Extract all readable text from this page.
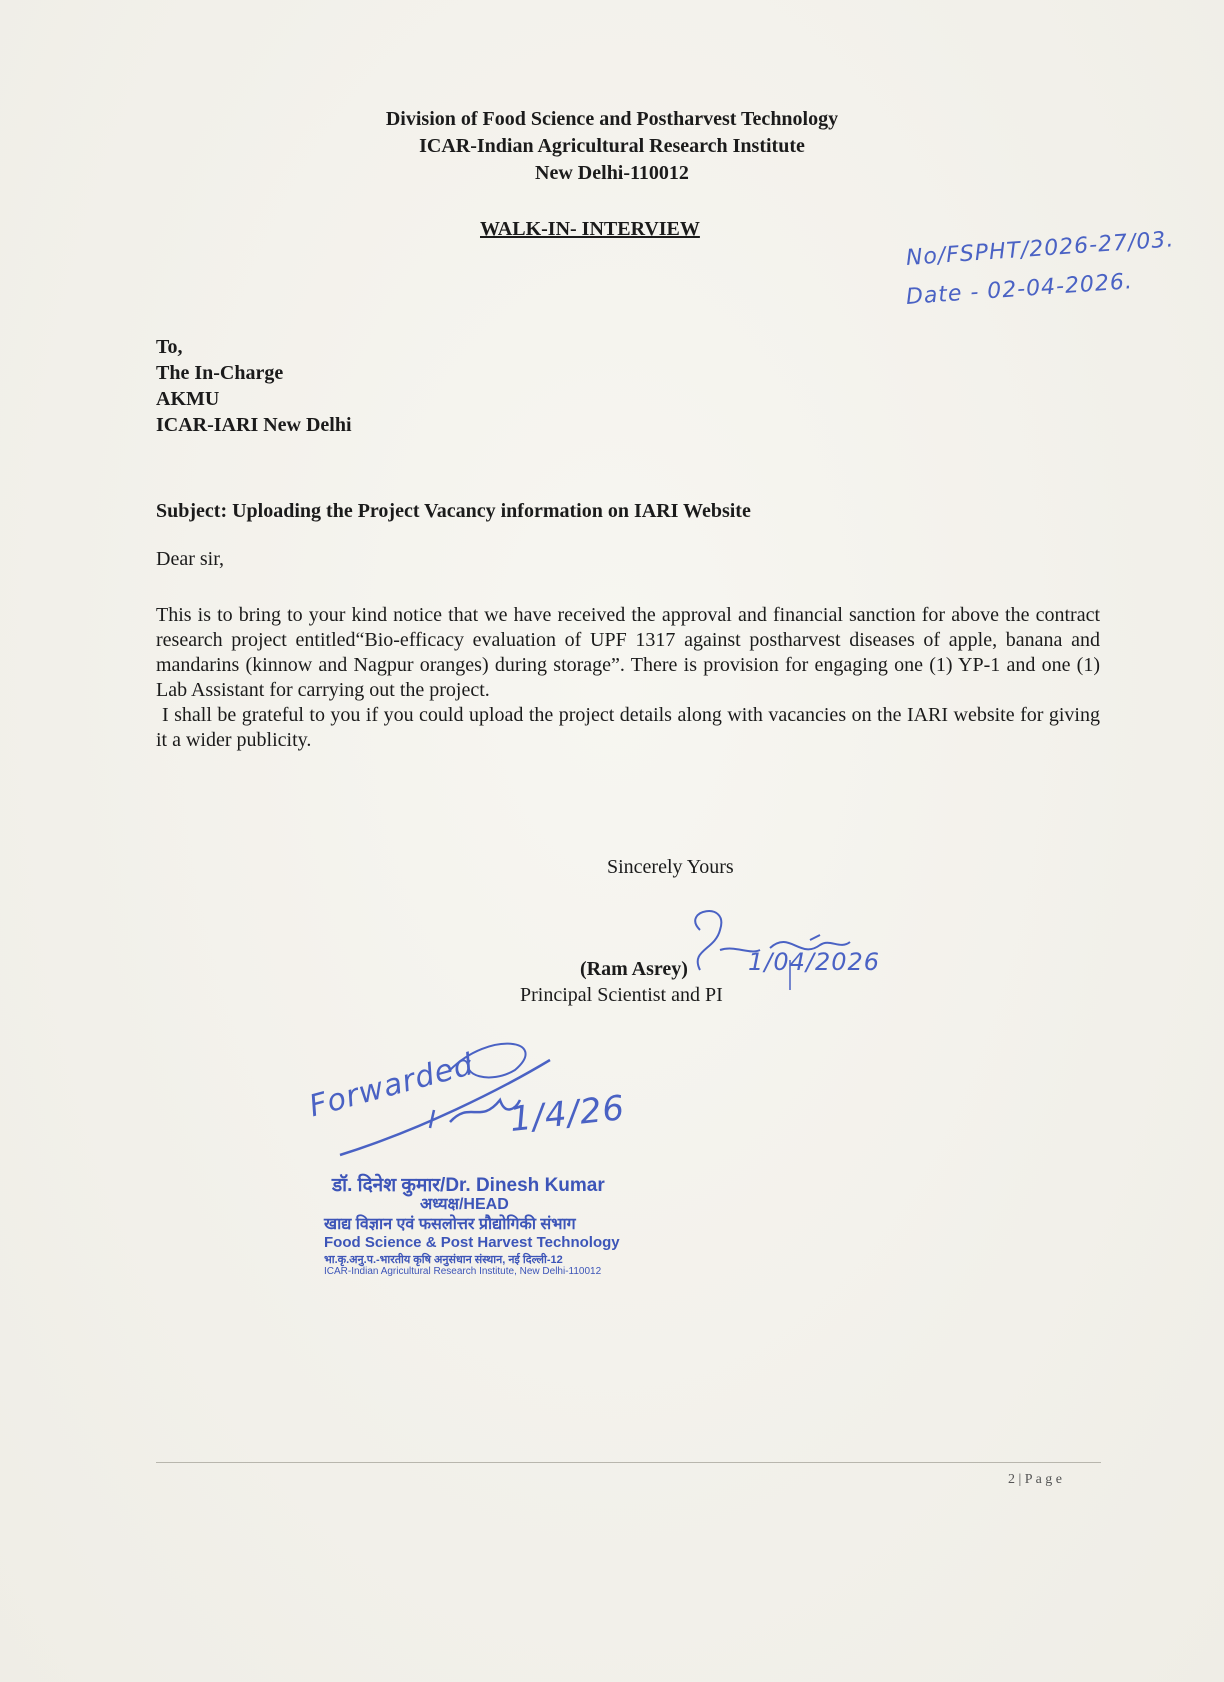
Division of Food Science and Postharvest Technology
ICAR-Indian Agricultural Research Institute
New Delhi-110012
WALK-IN- INTERVIEW	No/FSPHT/2026-27/03.
Date - 02-04-2026.
To,
The In-Charge
AKMU
ICAR-IARI New Delhi
Subject: Uploading the Project Vacancy information on IARI Website
Dear sir,

This is to bring to your kind notice that we have received the approval and financial sanction for above the contract research project entitled“Bio-efficacy evaluation of UPF 1317 against postharvest diseases of apple, banana and mandarins (kinnow and Nagpur oranges) during storage”. There is provision for engaging one (1) YP-1 and one (1) Lab Assistant for carrying out the project.

I shall be grateful to you if you could upload the project details along with vacancies on the IARI website for giving it a wider publicity.

Sincerely Yours
1/04/2026
(Ram Asrey)
Principal Scientist and PI
Forwarded 1/4/26
डॉ. दिनेश कुमार/Dr. Dinesh Kumar
अध्यक्ष/HEAD
खाद्य विज्ञान एवं फसलोत्तर प्रौद्योगिकी संभाग
Food Science & Post Harvest Technology
भा.कृ.अनु.प.-भारतीय कृषि अनुसंधान संस्थान, नई दिल्ली-12
ICAR-Indian Agricultural Research Institute, New Delhi-110012
2 | P a g e
